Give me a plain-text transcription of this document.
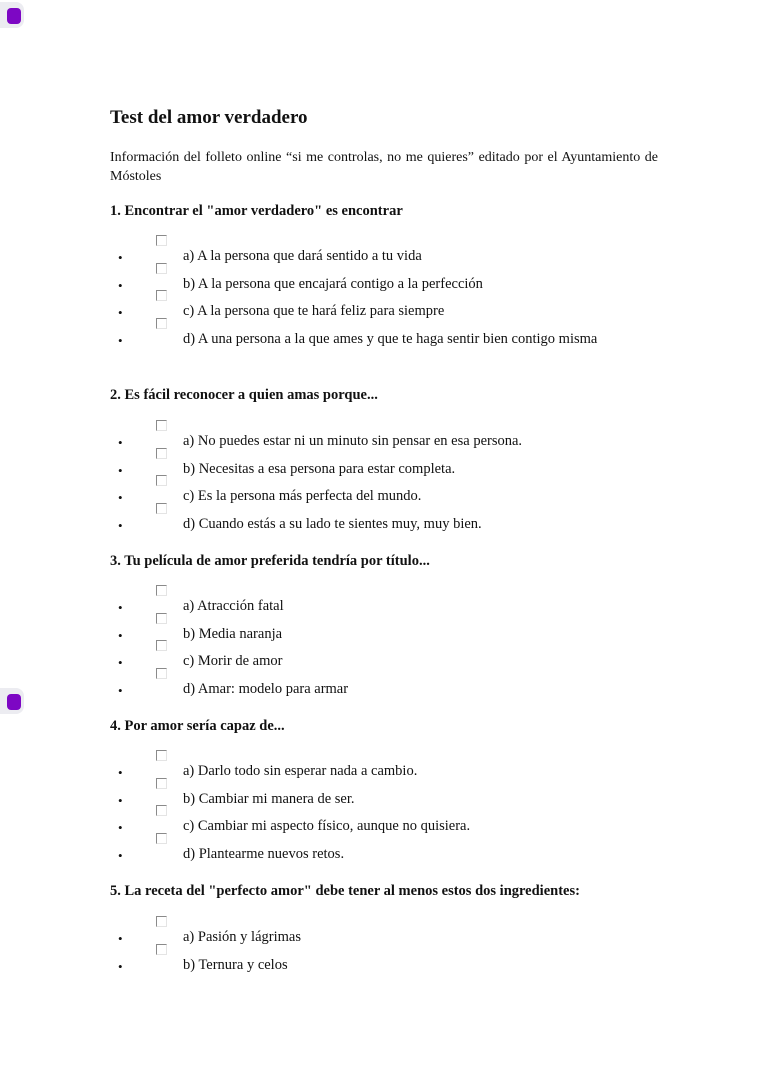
Test del amor verdadero

Información del folleto online “si me controlas, no me quieres” editado por el Ayuntamiento de Móstoles

1. Encontrar el "amor verdadero" es encontrar
•	a) A la persona que dará sentido a tu vida
•	b) A la persona que encajará contigo a la perfección
•	c) A la persona que te hará feliz para siempre
•	d) A una persona a la que ames y que te haga sentir bien contigo misma
2. Es fácil reconocer a quien amas porque...
•	a) No puedes estar ni un minuto sin pensar en esa persona.
•	b) Necesitas a esa persona para estar completa.
•	c) Es la persona más perfecta del mundo.
•	d) Cuando estás a su lado te sientes muy, muy bien.
3. Tu película de amor preferida tendría por título...
•	a) Atracción fatal
•	b) Media naranja
•	c) Morir de amor
•	d) Amar: modelo para armar
4. Por amor sería capaz de...
•	a) Darlo todo sin esperar nada a cambio.
•	b) Cambiar mi manera de ser.
•	c) Cambiar mi aspecto físico, aunque no quisiera.
•	d) Plantearme nuevos retos.
5. La receta del "perfecto amor" debe tener al menos estos dos ingredientes:
•	a) Pasión y lágrimas
•	b) Ternura y celos
